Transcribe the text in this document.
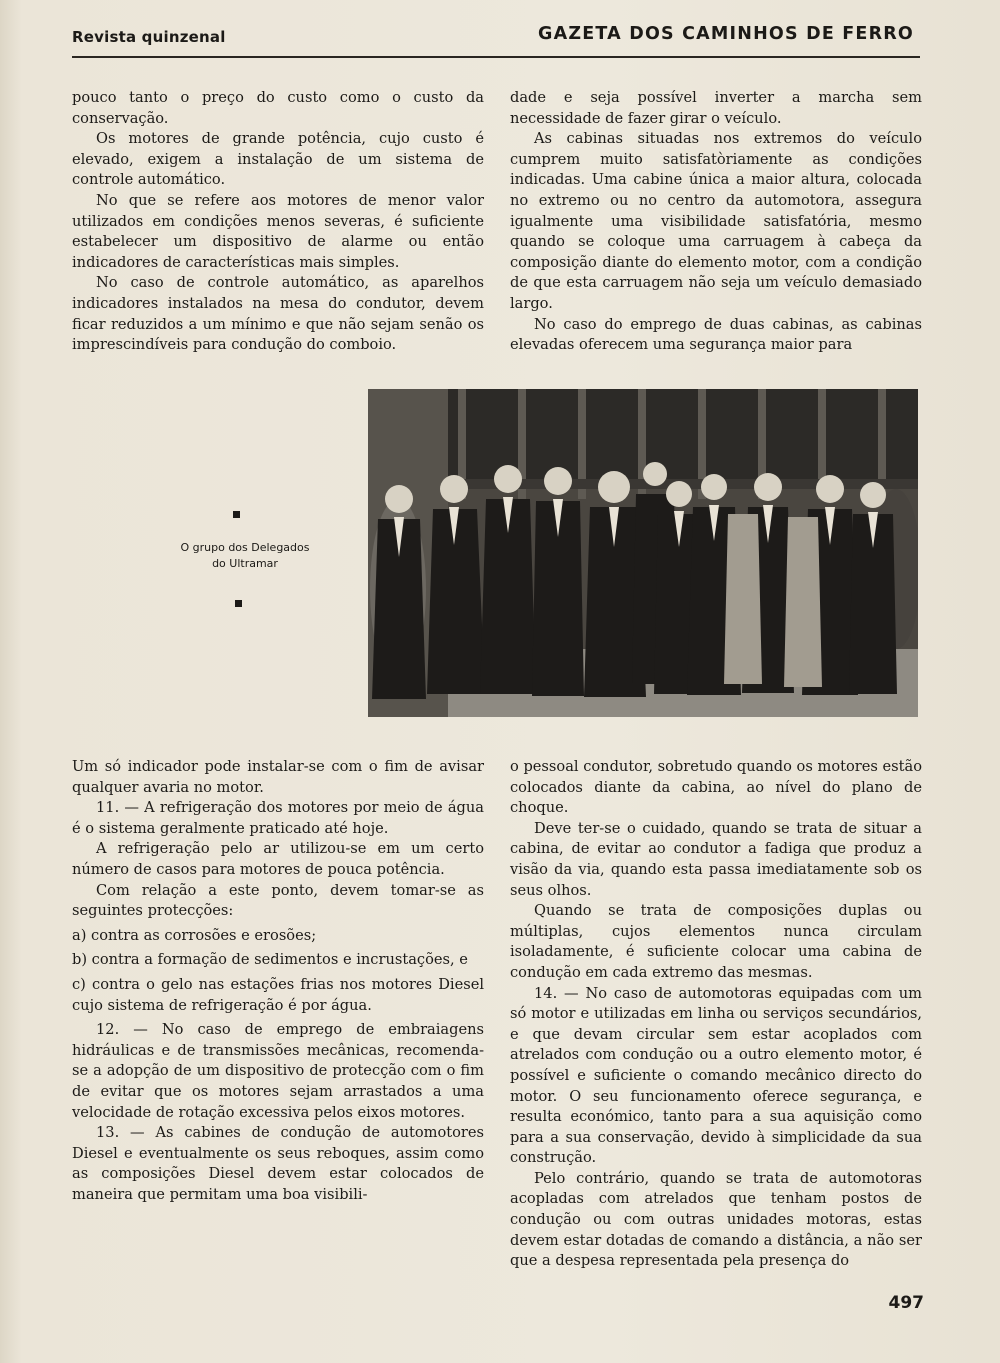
Revista quinzenal	GAZETA DOS CAMINHOS DE FERRO

pouco tanto o preço do custo como o custo da conservação.

Os motores de grande potência, cujo custo é elevado, exigem a instalação de um sistema de controle automático.

No que se refere aos motores de menor valor utilizados em condições menos severas, é suficiente estabelecer um dispositivo de alarme ou então indicadores de características mais simples.

No caso de controle automático, as aparelhos indicadores instalados na mesa do condutor, devem ficar reduzidos a um mínimo e que não sejam senão os imprescindíveis para condução do comboio.

dade e seja possível inverter a marcha sem necessidade de fazer girar o veículo.

As cabinas situadas nos extremos do veículo cumprem muito satisfatòriamente as condições indicadas. Uma cabine única a maior altura, colocada no extremo ou no centro da automotora, assegura igualmente uma visibilidade satisfatória, mesmo quando se coloque uma carruagem à cabeça da composição diante do elemento motor, com a condição de que esta carruagem não seja um veículo demasiado largo.

No caso do emprego de duas cabinas, as cabinas elevadas oferecem uma segurança maior para

O grupo dos Delegados
do Ultramar

Um só indicador pode instalar-se com o fim de avisar qualquer avaria no motor.

11. — A refrigeração dos motores por meio de água é o sistema geralmente praticado até hoje.

A refrigeração pelo ar utilizou-se em um certo número de casos para motores de pouca potência.

Com relação a este ponto, devem tomar-se as seguintes protecções:

a) contra as corrosões e erosões;

b) contra a formação de sedimentos e incrustações, e

c) contra o gelo nas estações frias nos motores Diesel cujo sistema de refrigeração é por água.

12. — No caso de emprego de embraiagens hidráulicas e de transmissões mecânicas, recomenda-se a adopção de um dispositivo de protecção com o fim de evitar que os motores sejam arrastados a uma velocidade de rotação excessiva pelos eixos motores.

13. — As cabines de condução de automotores Diesel e eventualmente os seus reboques, assim como as composições Diesel devem estar colocados de maneira que permitam uma boa visibili-

o pessoal condutor, sobretudo quando os motores estão colocados diante da cabina, ao nível do plano de choque.

Deve ter-se o cuidado, quando se trata de situar a cabina, de evitar ao condutor a fadiga que produz a visão da via, quando esta passa imediatamente sob os seus olhos.

Quando se trata de composições duplas ou múltiplas, cujos elementos nunca circulam isoladamente, é suficiente colocar uma cabina de condução em cada extremo das mesmas.

14. — No caso de automotoras equipadas com um só motor e utilizadas em linha ou serviços secundários, e que devam circular sem estar acoplados com atrelados com condução ou a outro elemento motor, é possível e suficiente o comando mecânico directo do motor. O seu funcionamento oferece segurança, e resulta económico, tanto para a sua aquisição como para a sua conservação, devido à simplicidade da sua construção.

Pelo contrário, quando se trata de automotoras acopladas com atrelados que tenham postos de condução ou com outras unidades motoras, estas devem estar dotadas de comando a distância, a não ser que a despesa representada pela presença do

497
